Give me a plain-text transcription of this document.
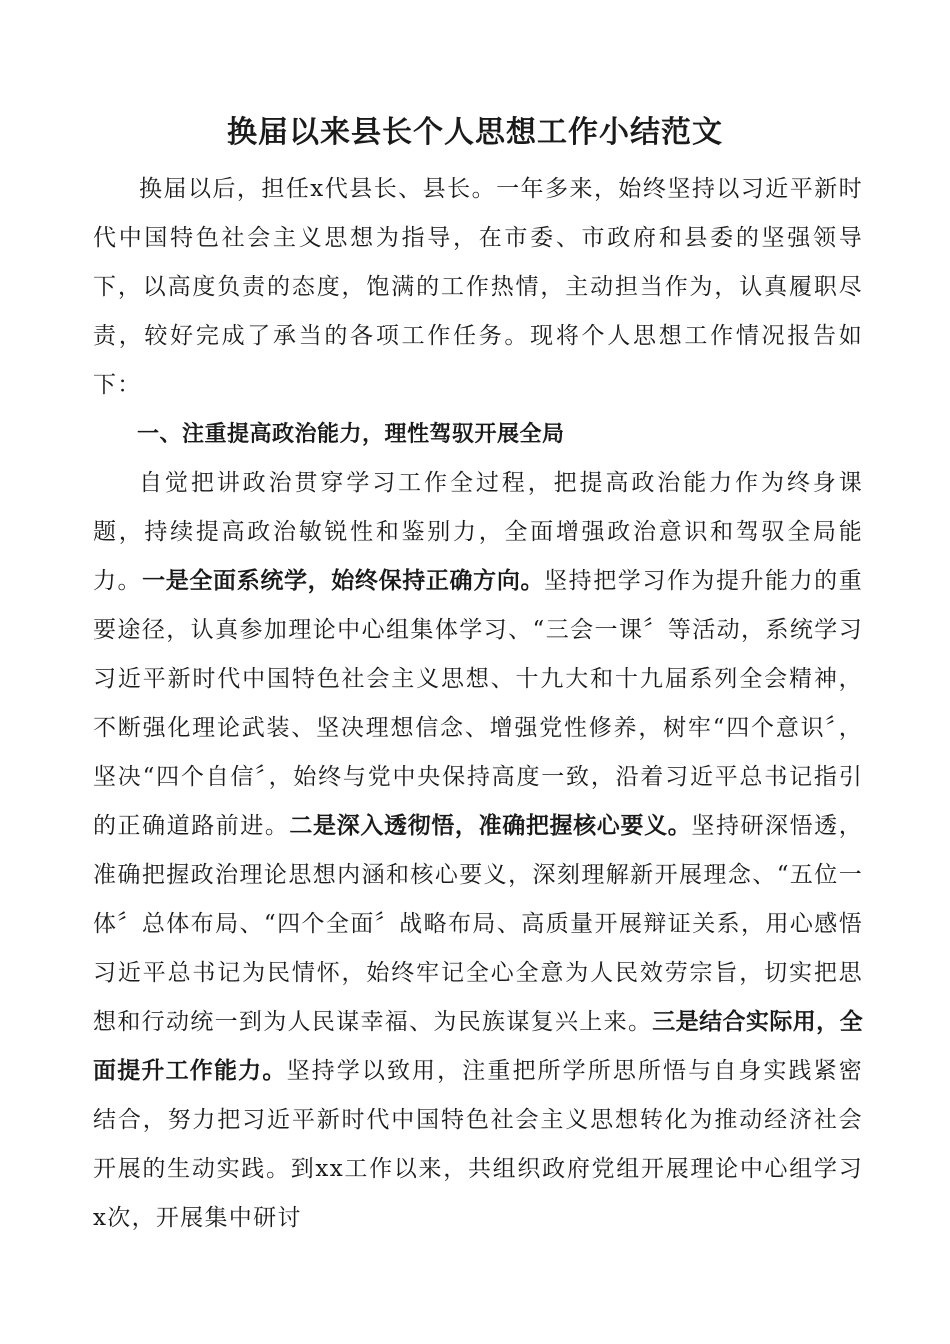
换届以来县长个人思想工作小结范文

换届以后，担任x代县长、县长。一年多来，始终坚持以习近平新时代中国特色社会主义思想为指导，在市委、市政府和县委的坚强领导下，以高度负责的态度，饱满的工作热情，主动担当作为，认真履职尽责，较好完成了承当的各项工作任务。现将个人思想工作情况报告如下：

一、注重提高政治能力，理性驾驭开展全局

自觉把讲政治贯穿学习工作全过程，把提高政治能力作为终身课题，持续提高政治敏锐性和鉴别力，全面增强政治意识和驾驭全局能力。一是全面系统学，始终保持正确方向。坚持把学习作为提升能力的重要途径，认真参加理论中心组集体学习、“三会一课〞等活动，系统学习习近平新时代中国特色社会主义思想、十九大和十九届系列全会精神，不断强化理论武装、坚决理想信念、增强党性修养，树牢“四个意识〞，坚决“四个自信〞，始终与党中央保持高度一致，沿着习近平总书记指引的正确道路前进。二是深入透彻悟，准确把握核心要义。坚持研深悟透，准确把握政治理论思想内涵和核心要义，深刻理解新开展理念、“五位一体〞总体布局、“四个全面〞战略布局、高质量开展辩证关系，用心感悟习近平总书记为民情怀，始终牢记全心全意为人民效劳宗旨，切实把思想和行动统一到为人民谋幸福、为民族谋复兴上来。三是结合实际用，全面提升工作能力。坚持学以致用，注重把所学所思所悟与自身实践紧密结合，努力把习近平新时代中国特色社会主义思想转化为推动经济社会开展的生动实践。到xx工作以来，共组织政府党组开展理论中心组学习x次，开展集中研讨
